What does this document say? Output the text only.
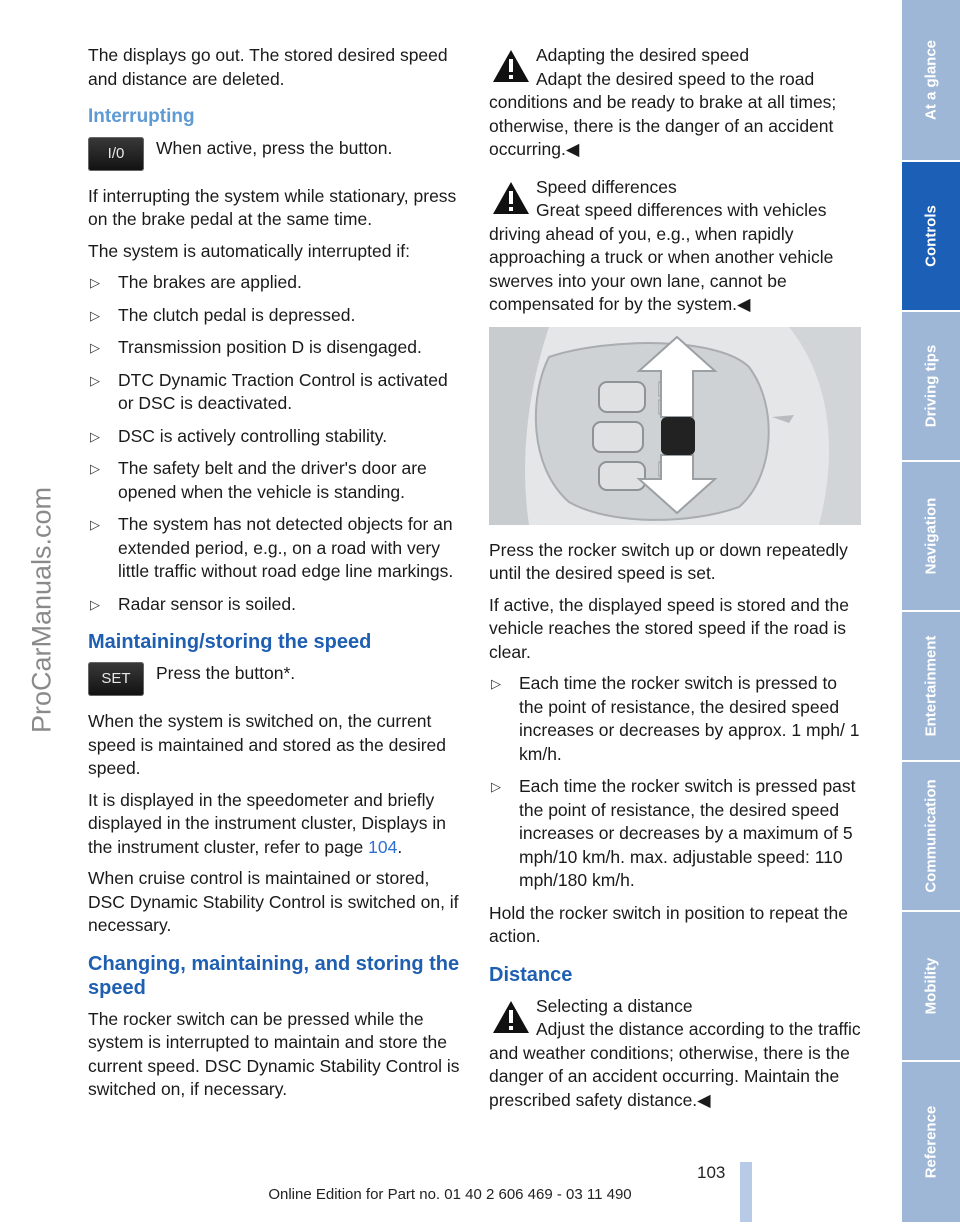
ProCarManuals.com

The displays go out. The stored desired speed and distance are deleted.

Interrupting
I/0	When active, press the button.

If interrupting the system while stationary, press on the brake pedal at the same time.

The system is automatically interrupted if:

▷ The brakes are applied.
▷ The clutch pedal is depressed.
▷ Transmission position D is disengaged.
▷ DTC Dynamic Traction Control is activated or DSC is deactivated.
▷ DSC is actively controlling stability.
▷ The safety belt and the driver's door are opened when the vehicle is standing.
▷ The system has not detected objects for an extended period, e.g., on a road with very little traffic without road edge line markings.
▷ Radar sensor is soiled.
Maintaining/storing the speed
SET	Press the button*.

When the system is switched on, the current speed is maintained and stored as the desired speed.

It is displayed in the speedometer and briefly displayed in the instrument cluster, Displays in the instrument cluster, refer to page 104.

When cruise control is maintained or stored, DSC Dynamic Stability Control is switched on, if necessary.

Changing, maintaining, and storing the speed

The rocker switch can be pressed while the system is interrupted to maintain and store the current speed. DSC Dynamic Stability Control is switched on, if necessary.

Adapting the desired speed
Adapt the desired speed to the road conditions and be ready to brake at all times; otherwise, there is the danger of an accident occurring.◀
Speed differences
Great speed differences with vehicles driving ahead of you, e.g., when rapidly approaching a truck or when another vehicle swerves into your own lane, cannot be compensated for by the system.◀

Press the rocker switch up or down repeatedly until the desired speed is set.

If active, the displayed speed is stored and the vehicle reaches the stored speed if the road is clear.

▷ Each time the rocker switch is pressed to the point of resistance, the desired speed increases or decreases by approx. 1 mph/ 1 km/h.
▷ Each time the rocker switch is pressed past the point of resistance, the desired speed increases or decreases by a maximum of 5 mph/10 km/h. max. adjustable speed: 110 mph/180 km/h.

Hold the rocker switch in position to repeat the action.

Distance
Selecting a distance
Adjust the distance according to the traffic and weather conditions; otherwise, there is the danger of an accident occurring. Maintain the prescribed safety distance.◀
At a glance
Controls
Driving tips
Navigation
Entertainment
Communication
Mobility
Reference
103
Online Edition for Part no. 01 40 2 606 469 - 03 11 490
